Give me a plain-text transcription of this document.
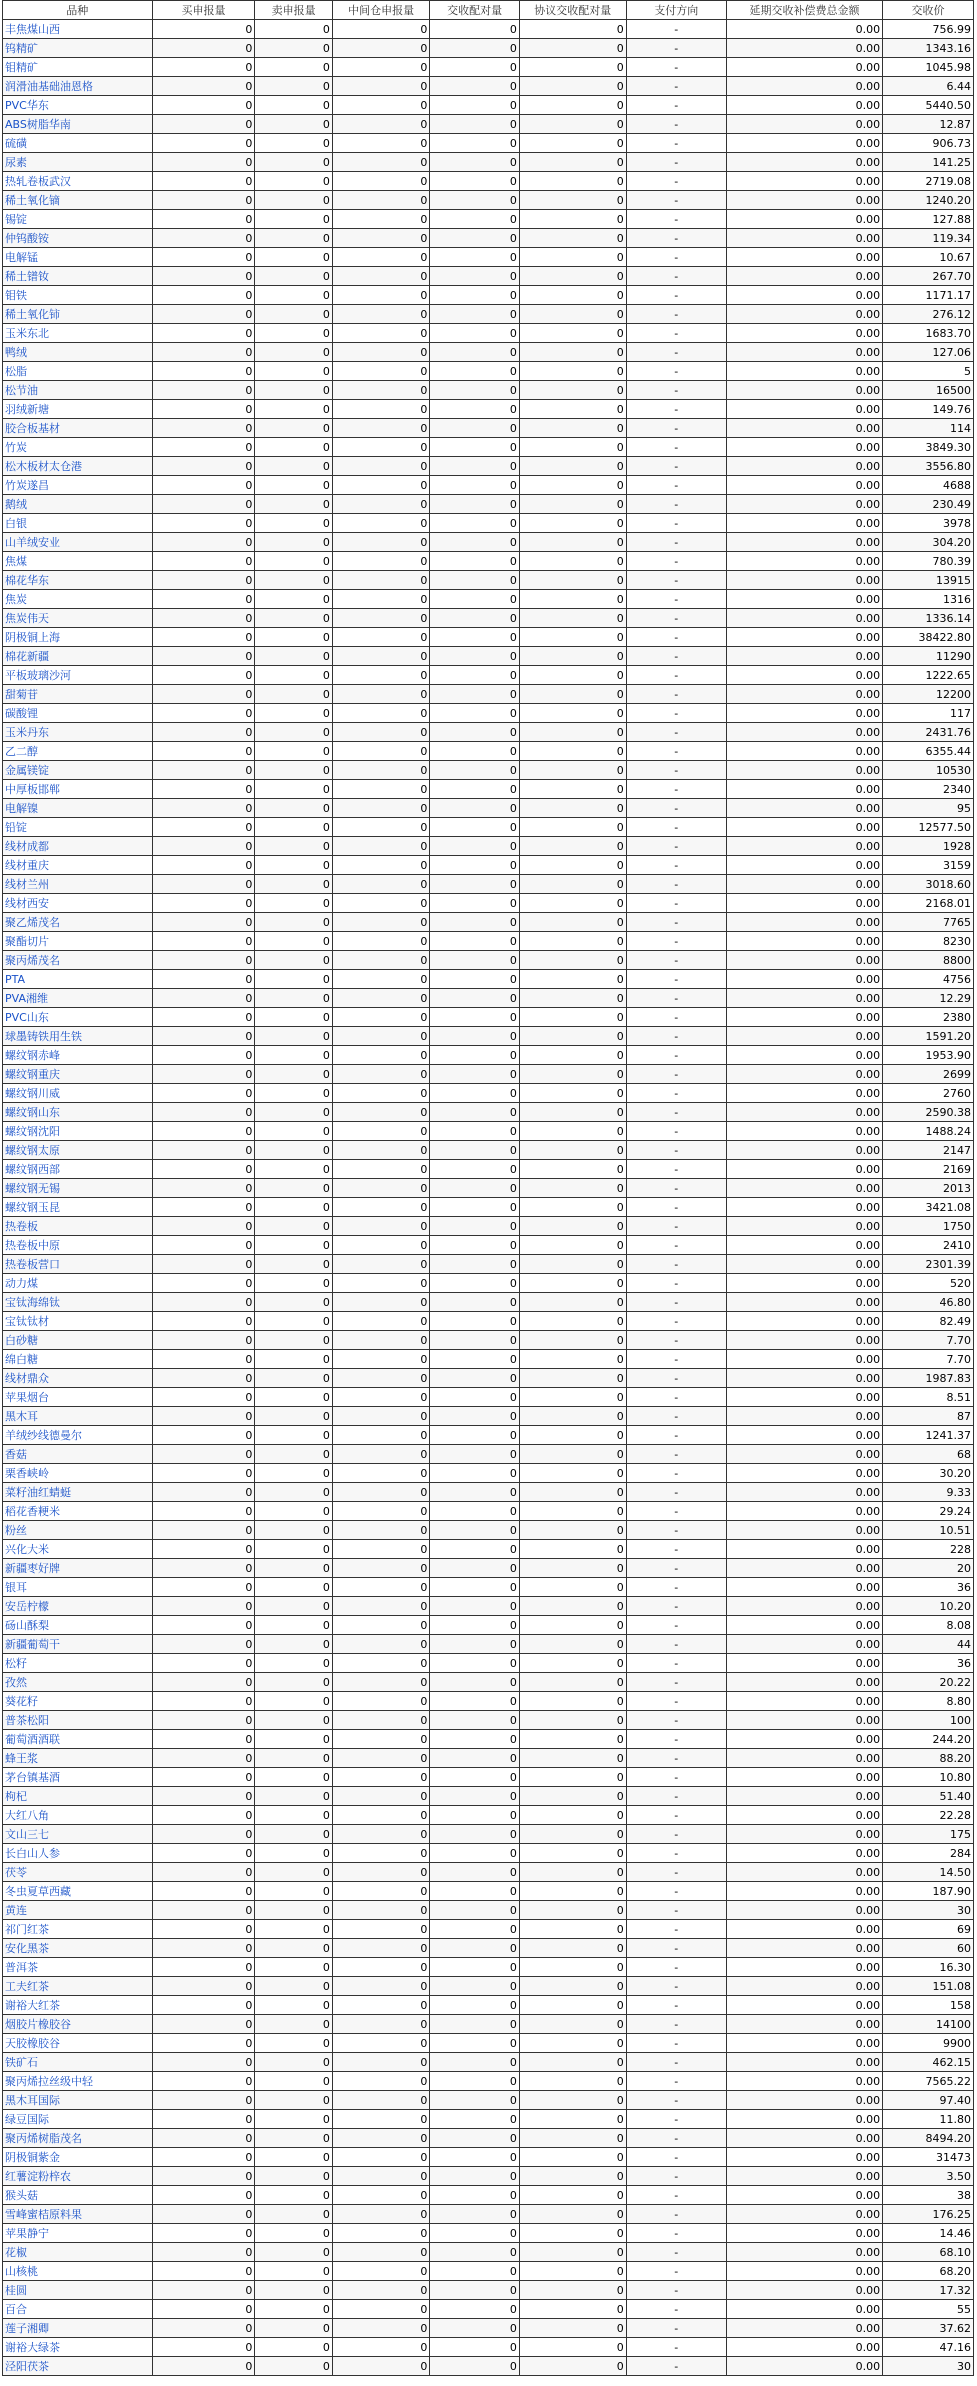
品种	买申报量	卖申报量	中间仓申报量	交收配对量	协议交收配对量	支付方向	延期交收补偿费总金额	交收价
丰焦煤山西	0	0	0	0	0	-	0.00	756.99
钨精矿	0	0	0	0	0	-	0.00	1343.16
钼精矿	0	0	0	0	0	-	0.00	1045.98
润滑油基础油恩格	0	0	0	0	0	-	0.00	6.44
PVC华东	0	0	0	0	0	-	0.00	5440.50
ABS树脂华南	0	0	0	0	0	-	0.00	12.87
硫磺	0	0	0	0	0	-	0.00	906.73
尿素	0	0	0	0	0	-	0.00	141.25
热轧卷板武汉	0	0	0	0	0	-	0.00	2719.08
稀土氧化镝	0	0	0	0	0	-	0.00	1240.20
锡锭	0	0	0	0	0	-	0.00	127.88
仲钨酸铵	0	0	0	0	0	-	0.00	119.34
电解锰	0	0	0	0	0	-	0.00	10.67
稀土镨钕	0	0	0	0	0	-	0.00	267.70
钼铁	0	0	0	0	0	-	0.00	1171.17
稀土氧化铈	0	0	0	0	0	-	0.00	276.12
玉米东北	0	0	0	0	0	-	0.00	1683.70
鸭绒	0	0	0	0	0	-	0.00	127.06
松脂	0	0	0	0	0	-	0.00	5
松节油	0	0	0	0	0	-	0.00	16500
羽绒新塘	0	0	0	0	0	-	0.00	149.76
胶合板基材	0	0	0	0	0	-	0.00	114
竹炭	0	0	0	0	0	-	0.00	3849.30
松木板材太仓港	0	0	0	0	0	-	0.00	3556.80
竹炭遂昌	0	0	0	0	0	-	0.00	4688
鹅绒	0	0	0	0	0	-	0.00	230.49
白银	0	0	0	0	0	-	0.00	3978
山羊绒安业	0	0	0	0	0	-	0.00	304.20
焦煤	0	0	0	0	0	-	0.00	780.39
棉花华东	0	0	0	0	0	-	0.00	13915
焦炭	0	0	0	0	0	-	0.00	1316
焦炭伟天	0	0	0	0	0	-	0.00	1336.14
阴极铜上海	0	0	0	0	0	-	0.00	38422.80
棉花新疆	0	0	0	0	0	-	0.00	11290
平板玻璃沙河	0	0	0	0	0	-	0.00	1222.65
甜菊苷	0	0	0	0	0	-	0.00	12200
碳酸锂	0	0	0	0	0	-	0.00	117
玉米丹东	0	0	0	0	0	-	0.00	2431.76
乙二醇	0	0	0	0	0	-	0.00	6355.44
金属镁锭	0	0	0	0	0	-	0.00	10530
中厚板邯郸	0	0	0	0	0	-	0.00	2340
电解镍	0	0	0	0	0	-	0.00	95
铅锭	0	0	0	0	0	-	0.00	12577.50
线材成都	0	0	0	0	0	-	0.00	1928
线材重庆	0	0	0	0	0	-	0.00	3159
线材兰州	0	0	0	0	0	-	0.00	3018.60
线材西安	0	0	0	0	0	-	0.00	2168.01
聚乙烯茂名	0	0	0	0	0	-	0.00	7765
聚酯切片	0	0	0	0	0	-	0.00	8230
聚丙烯茂名	0	0	0	0	0	-	0.00	8800
PTA	0	0	0	0	0	-	0.00	4756
PVA湘维	0	0	0	0	0	-	0.00	12.29
PVC山东	0	0	0	0	0	-	0.00	2380
球墨铸铁用生铁	0	0	0	0	0	-	0.00	1591.20
螺纹钢赤峰	0	0	0	0	0	-	0.00	1953.90
螺纹钢重庆	0	0	0	0	0	-	0.00	2699
螺纹钢川威	0	0	0	0	0	-	0.00	2760
螺纹钢山东	0	0	0	0	0	-	0.00	2590.38
螺纹钢沈阳	0	0	0	0	0	-	0.00	1488.24
螺纹钢太原	0	0	0	0	0	-	0.00	2147
螺纹钢西部	0	0	0	0	0	-	0.00	2169
螺纹钢无锡	0	0	0	0	0	-	0.00	2013
螺纹钢玉昆	0	0	0	0	0	-	0.00	3421.08
热卷板	0	0	0	0	0	-	0.00	1750
热卷板中原	0	0	0	0	0	-	0.00	2410
热卷板营口	0	0	0	0	0	-	0.00	2301.39
动力煤	0	0	0	0	0	-	0.00	520
宝钛海绵钛	0	0	0	0	0	-	0.00	46.80
宝钛钛材	0	0	0	0	0	-	0.00	82.49
白砂糖	0	0	0	0	0	-	0.00	7.70
绵白糖	0	0	0	0	0	-	0.00	7.70
线材鼎众	0	0	0	0	0	-	0.00	1987.83
苹果烟台	0	0	0	0	0	-	0.00	8.51
黑木耳	0	0	0	0	0	-	0.00	87
羊绒纱线德曼尔	0	0	0	0	0	-	0.00	1241.37
香菇	0	0	0	0	0	-	0.00	68
栗香峡岭	0	0	0	0	0	-	0.00	30.20
菜籽油红蜻蜓	0	0	0	0	0	-	0.00	9.33
稻花香粳米	0	0	0	0	0	-	0.00	29.24
粉丝	0	0	0	0	0	-	0.00	10.51
兴化大米	0	0	0	0	0	-	0.00	228
新疆枣好牌	0	0	0	0	0	-	0.00	20
银耳	0	0	0	0	0	-	0.00	36
安岳柠檬	0	0	0	0	0	-	0.00	10.20
砀山酥梨	0	0	0	0	0	-	0.00	8.08
新疆葡萄干	0	0	0	0	0	-	0.00	44
松籽	0	0	0	0	0	-	0.00	36
孜然	0	0	0	0	0	-	0.00	20.22
葵花籽	0	0	0	0	0	-	0.00	8.80
普茶松阳	0	0	0	0	0	-	0.00	100
葡萄酒酒联	0	0	0	0	0	-	0.00	244.20
蜂王浆	0	0	0	0	0	-	0.00	88.20
茅台镇基酒	0	0	0	0	0	-	0.00	10.80
枸杞	0	0	0	0	0	-	0.00	51.40
大红八角	0	0	0	0	0	-	0.00	22.28
文山三七	0	0	0	0	0	-	0.00	175
长白山人参	0	0	0	0	0	-	0.00	284
茯苓	0	0	0	0	0	-	0.00	14.50
冬虫夏草西藏	0	0	0	0	0	-	0.00	187.90
黄连	0	0	0	0	0	-	0.00	30
祁门红茶	0	0	0	0	0	-	0.00	69
安化黑茶	0	0	0	0	0	-	0.00	60
普洱茶	0	0	0	0	0	-	0.00	16.30
工夫红茶	0	0	0	0	0	-	0.00	151.08
谢裕大红茶	0	0	0	0	0	-	0.00	158
烟胶片橡胶谷	0	0	0	0	0	-	0.00	14100
天胶橡胶谷	0	0	0	0	0	-	0.00	9900
铁矿石	0	0	0	0	0	-	0.00	462.15
聚丙烯拉丝级中轻	0	0	0	0	0	-	0.00	7565.22
黑木耳国际	0	0	0	0	0	-	0.00	97.40
绿豆国际	0	0	0	0	0	-	0.00	11.80
聚丙烯树脂茂名	0	0	0	0	0	-	0.00	8494.20
阴极铜紫金	0	0	0	0	0	-	0.00	31473
红薯淀粉梓农	0	0	0	0	0	-	0.00	3.50
猴头菇	0	0	0	0	0	-	0.00	38
雪峰蜜桔原料果	0	0	0	0	0	-	0.00	176.25
苹果静宁	0	0	0	0	0	-	0.00	14.46
花椒	0	0	0	0	0	-	0.00	68.10
山核桃	0	0	0	0	0	-	0.00	68.20
桂圆	0	0	0	0	0	-	0.00	17.32
百合	0	0	0	0	0	-	0.00	55
莲子湘卿	0	0	0	0	0	-	0.00	37.62
谢裕大绿茶	0	0	0	0	0	-	0.00	47.16
泾阳茯茶	0	0	0	0	0	-	0.00	30
